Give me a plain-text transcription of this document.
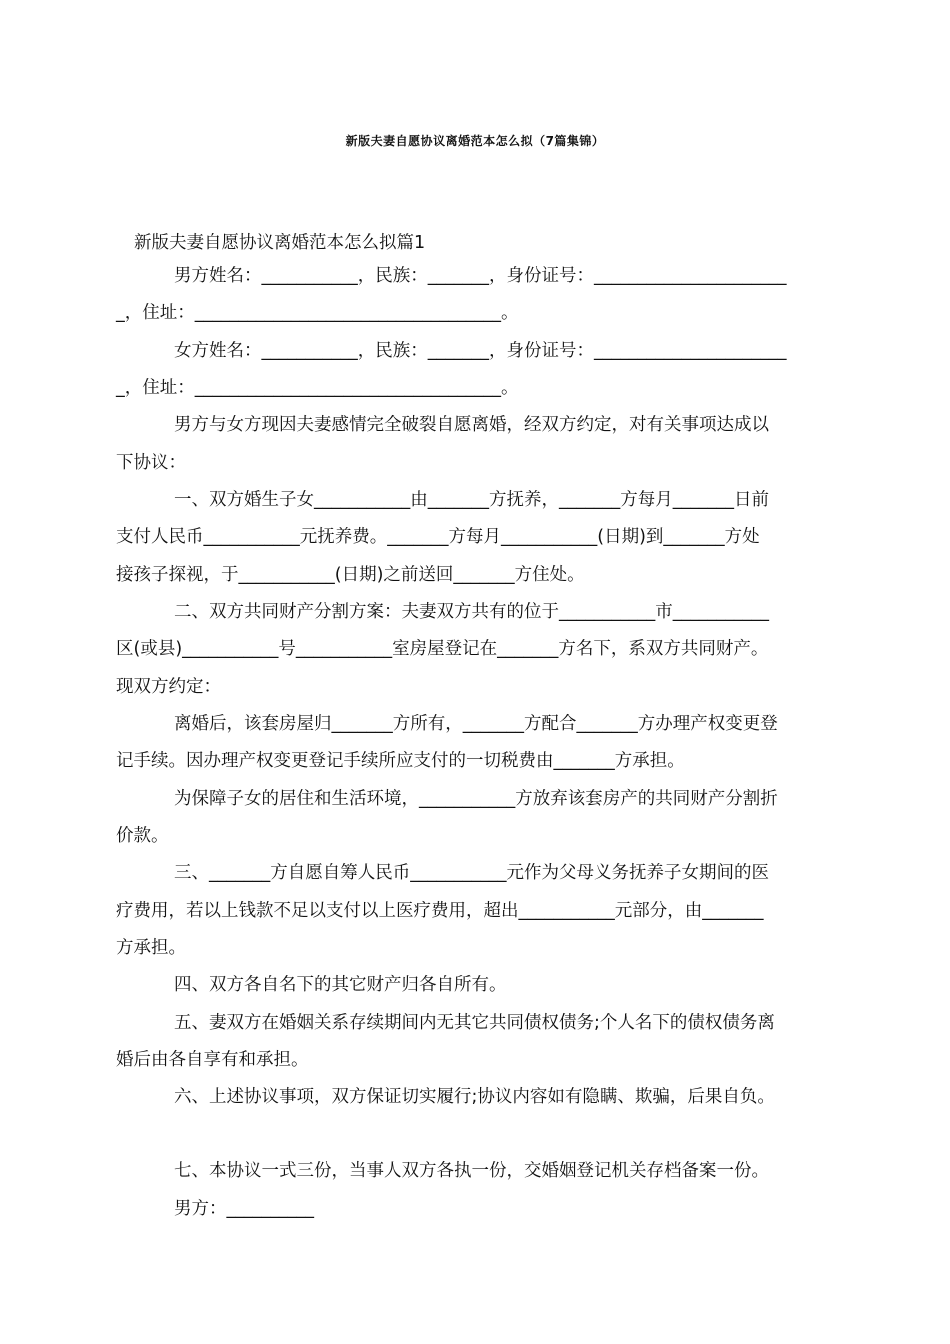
新版夫妻自愿协议离婚范本怎么拟（7篇集锦）
新版夫妻自愿协议离婚范本怎么拟篇1
男方姓名：___________，民族：_______，身份证号：______________________
_，住址：___________________________________。
女方姓名：___________，民族：_______，身份证号：______________________
_，住址：___________________________________。
男方与女方现因夫妻感情完全破裂自愿离婚，经双方约定，对有关事项达成以
下协议：
一、双方婚生子女___________由_______方抚养，_______方每月_______日前
支付人民币___________元抚养费。_______方每月___________(日期)到_______方处
接孩子探视，于___________(日期)之前送回_______方住处。
二、双方共同财产分割方案：夫妻双方共有的位于___________市___________
区(或县)___________号___________室房屋登记在_______方名下，系双方共同财产。
现双方约定：
离婚后，该套房屋归_______方所有，_______方配合_______方办理产权变更登
记手续。因办理产权变更登记手续所应支付的一切税费由_______方承担。
为保障子女的居住和生活环境，___________方放弃该套房产的共同财产分割折
价款。
三、_______方自愿自筹人民币___________元作为父母义务抚养子女期间的医
疗费用，若以上钱款不足以支付以上医疗费用，超出___________元部分，由_______
方承担。
四、双方各自名下的其它财产归各自所有。
五、妻双方在婚姻关系存续期间内无其它共同债权债务;个人名下的债权债务离
婚后由各自享有和承担。
六、上述协议事项，双方保证切实履行;协议内容如有隐瞒、欺骗，后果自负。
七、本协议一式三份，当事人双方各执一份，交婚姻登记机关存档备案一份。
男方：__________
